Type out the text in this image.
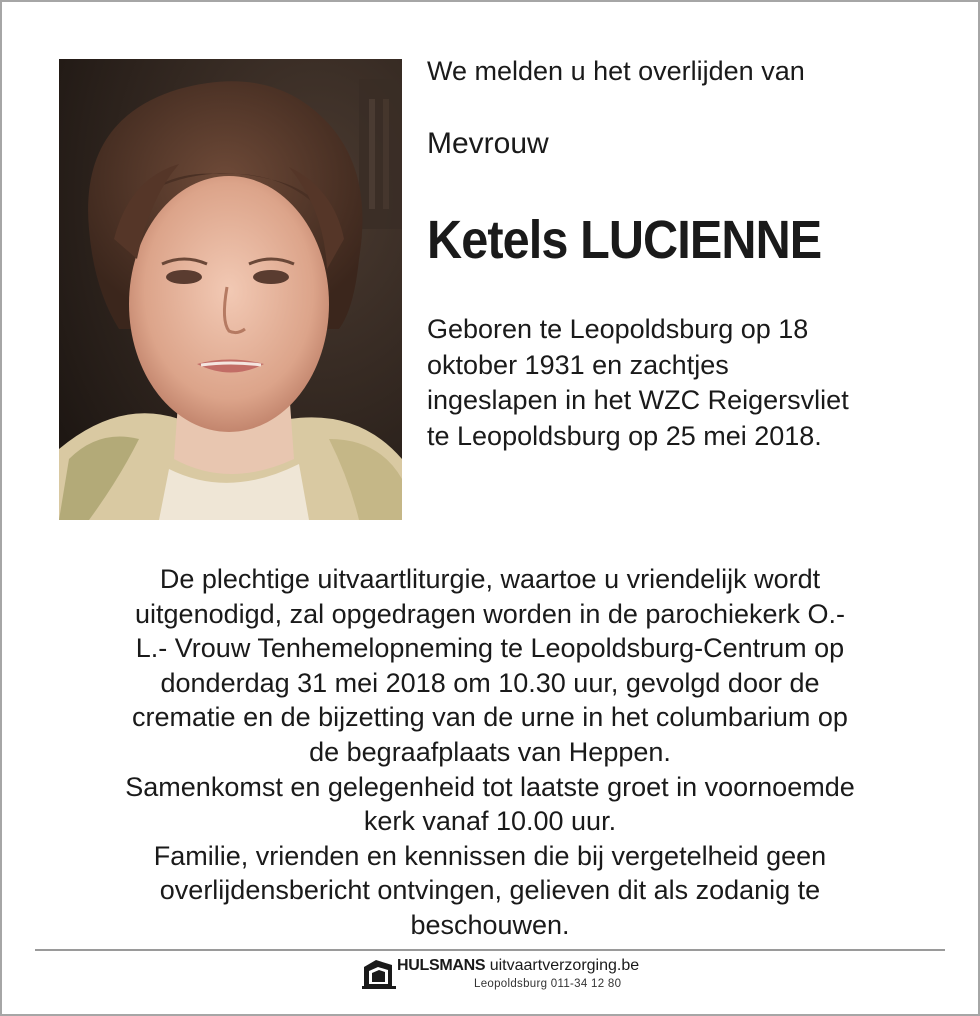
We melden u het overlijden van

Mevrouw

Ketels LUCIENNE

Geboren te Leopoldsburg op 18
oktober 1931 en zachtjes
ingeslapen in het WZC Reigersvliet
te Leopoldsburg op 25 mei 2018.

De plechtige uitvaartliturgie, waartoe u vriendelijk wordt
uitgenodigd, zal opgedragen worden in de parochiekerk O.-
L.- Vrouw Tenhemelopneming te Leopoldsburg-Centrum op
donderdag 31 mei 2018 om 10.30 uur, gevolgd door de
crematie en de bijzetting van de urne in het columbarium op
de begraafplaats van Heppen.
Samenkomst en gelegenheid tot laatste groet in voornoemde
kerk vanaf 10.00 uur.
Familie, vrienden en kennissen die bij vergetelheid geen
overlijdensbericht ontvingen, gelieven dit als zodanig te
beschouwen.

HULSMANS uitvaartverzorging.be
Leopoldsburg 011-34 12 80
